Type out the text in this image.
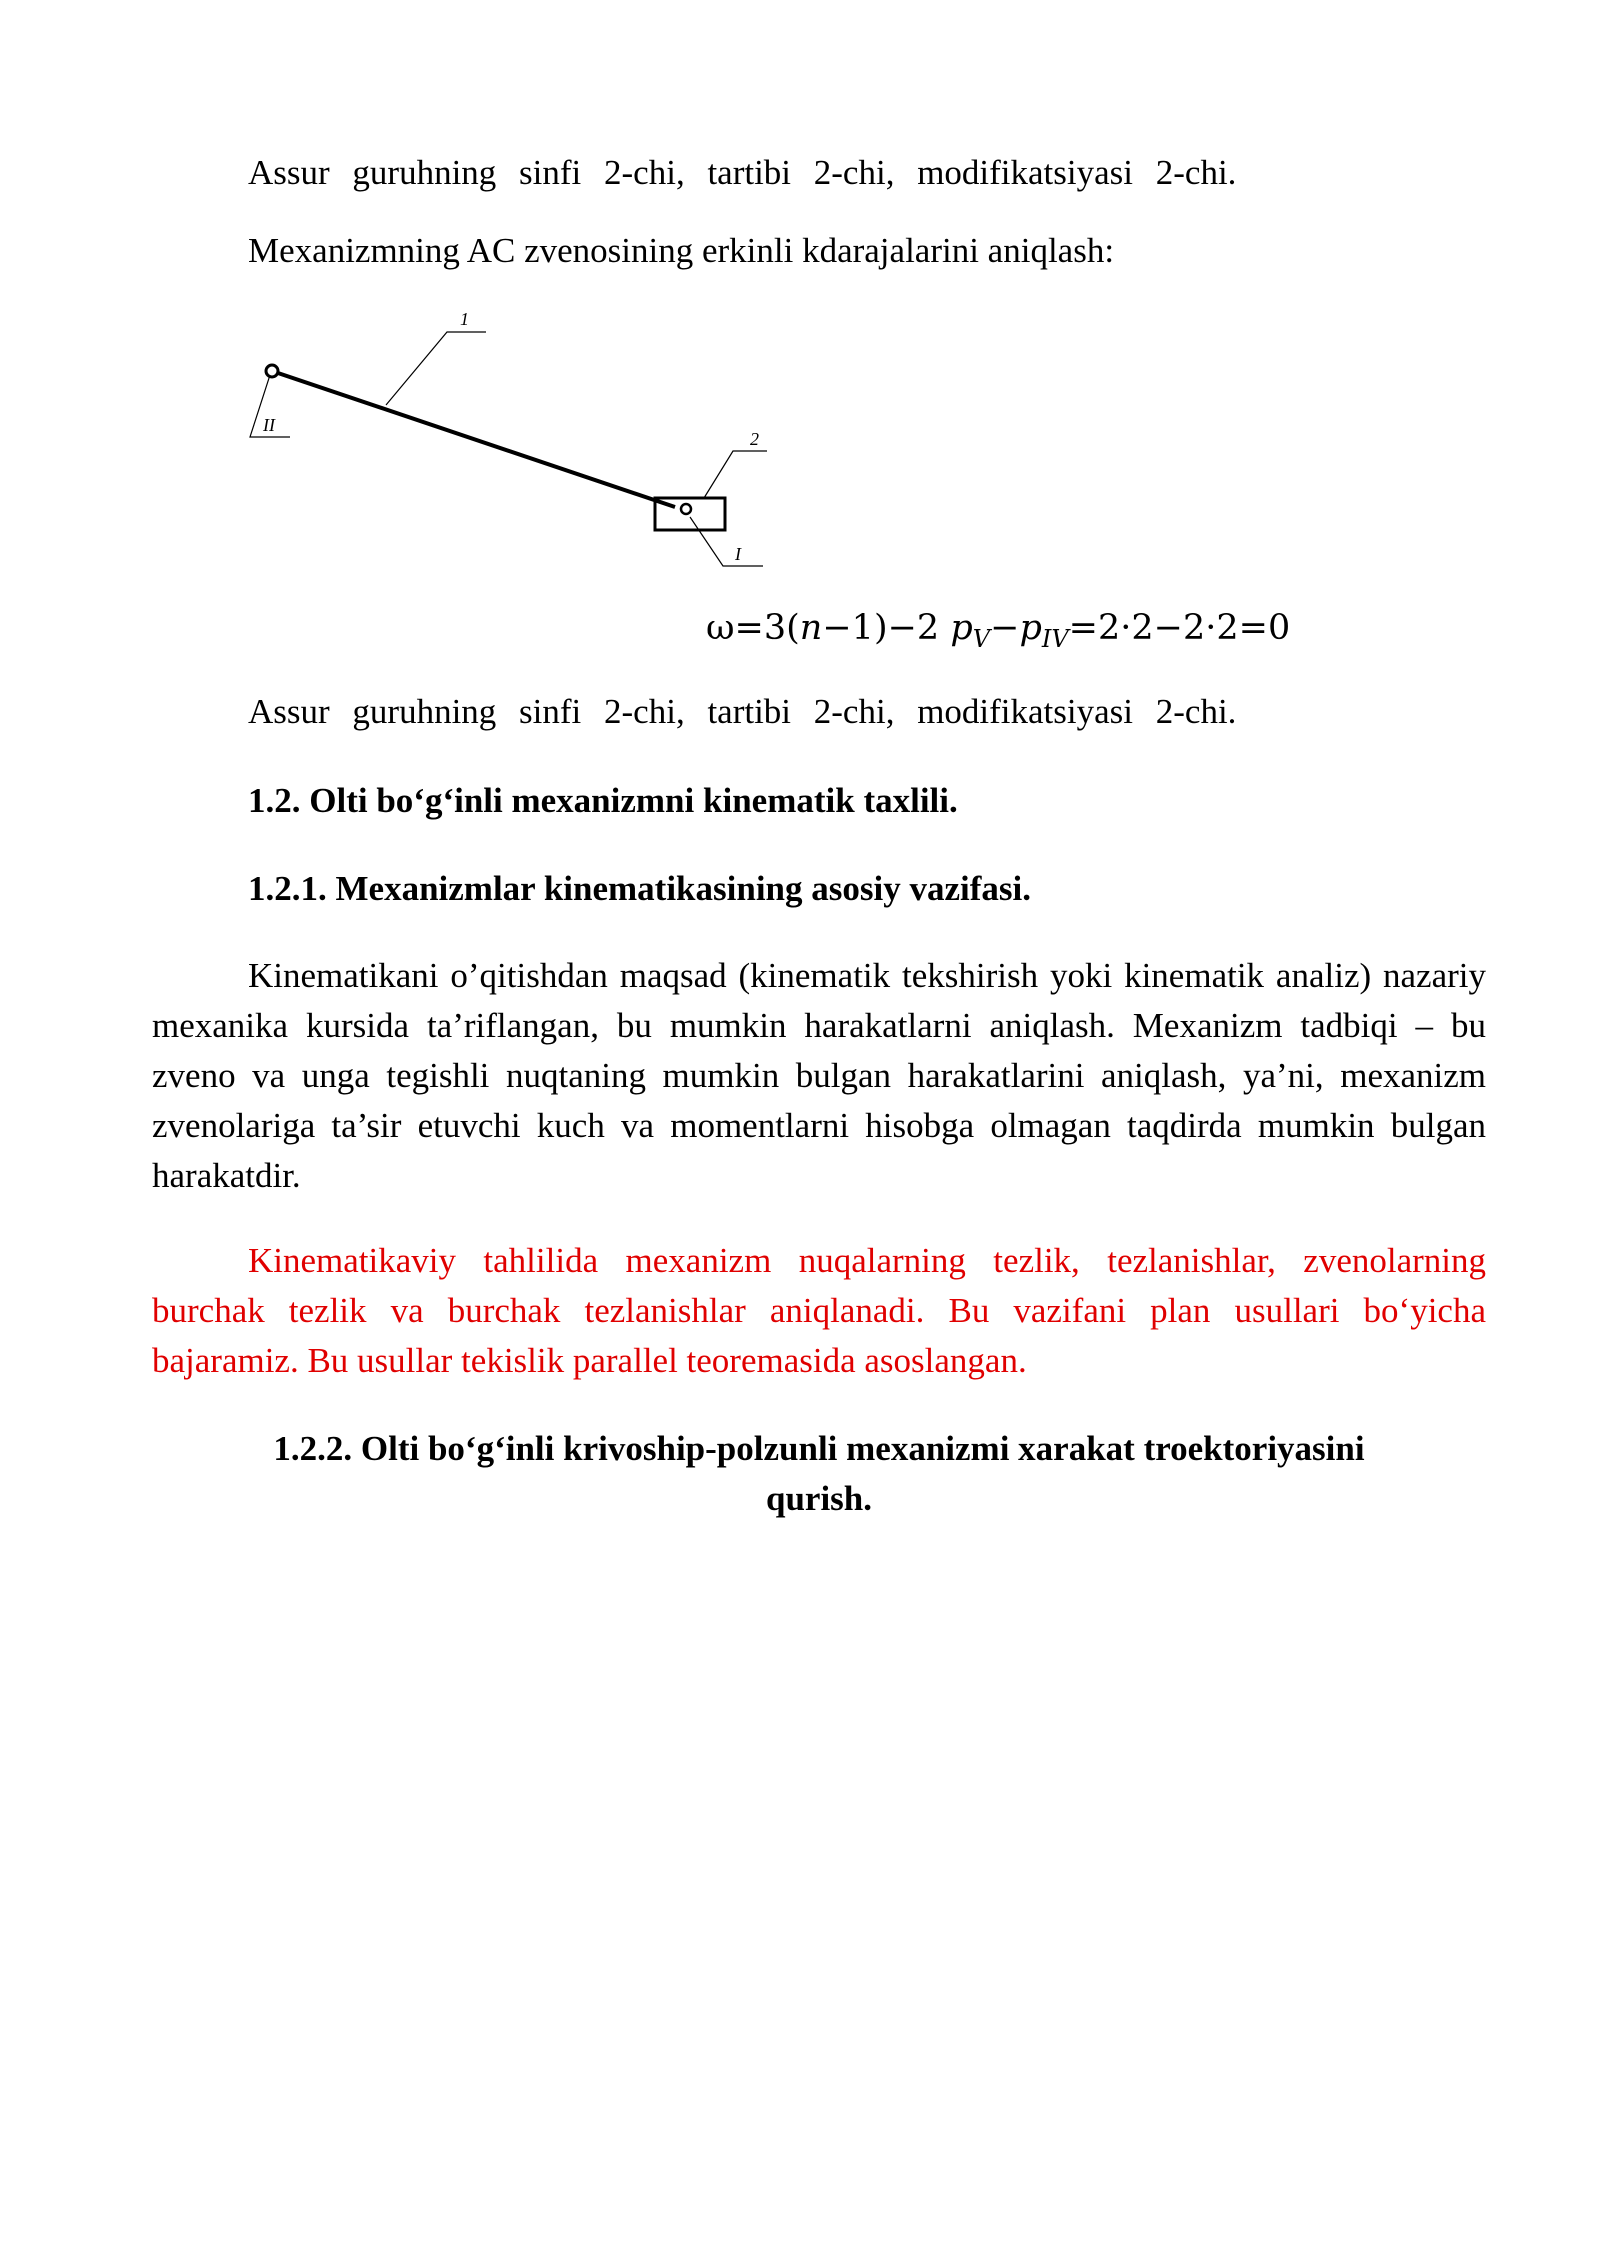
Assur guruhning sinfi 2-chi, tartibi 2-chi, modifikatsiyasi 2-chi.
Mexanizmning AC zvenosining erkinli kdarajalarini aniqlash:
II
1
2
I
ω=3(n−1)−2 $p_V-p_{IV}=2\cdot 2-2\cdot 2=0$
Assur guruhning sinfi 2-chi, tartibi 2-chi, modifikatsiyasi 2-chi.
1.2. Olti bo‘g‘inli mexanizmni kinematik taxlili.
1.2.1. Mexanizmlar kinematikasining asosiy vazifasi.

Kinematikani o’qitishdan maqsad (kinematik tekshirish yoki kinematik analiz) nazariy mexanika kursida ta’riflangan, bu mumkin harakatlarni aniqlash. Mexanizm tadbiqi – bu zveno va unga tegishli nuqtaning mumkin bulgan harakatlarini aniqlash, ya’ni, mexanizm zvenolariga ta’sir etuvchi kuch va momentlarni hisobga olmagan taqdirda mumkin bulgan harakatdir.

Kinematikaviy tahlilida mexanizm nuqalarning tezlik, tezlanishlar, zvenolarning burchak tezlik va burchak tezlanishlar aniqlanadi. Bu vazifani plan usullari bo‘yicha bajaramiz. Bu usullar tekislik parallel teoremasida asoslangan.

1.2.2. Olti bo‘g‘inli krivoship-polzunli mexanizmi xarakat troektoriyasini
qurish.
